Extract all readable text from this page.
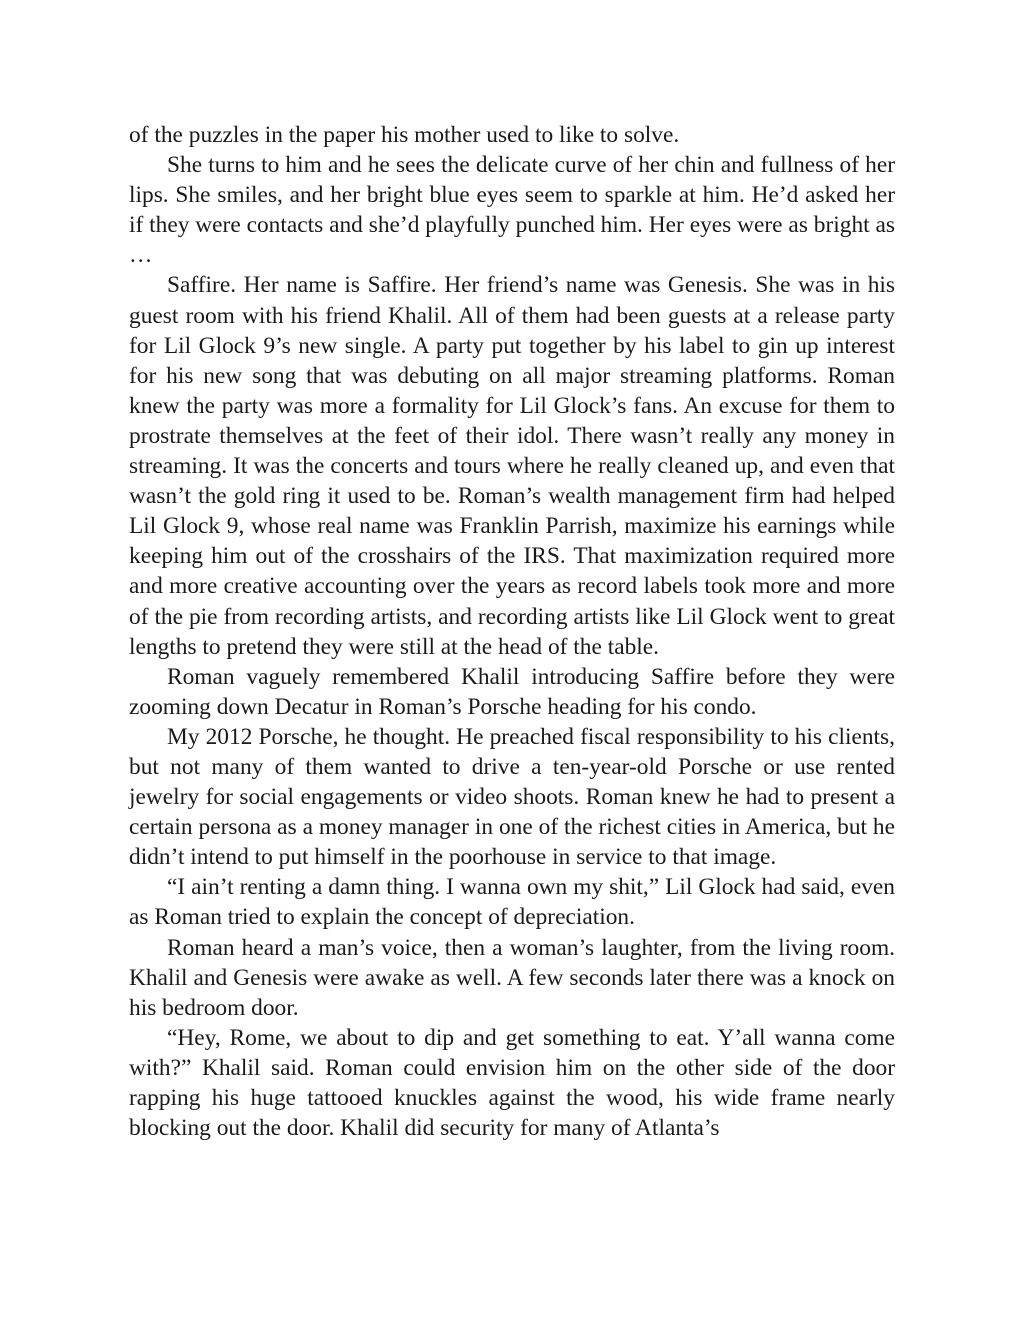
of the puzzles in the paper his mother used to like to solve.

She turns to him and he sees the delicate curve of her chin and fullness of her lips. She smiles, and her bright blue eyes seem to sparkle at him. He’d asked her if they were contacts and she’d playfully punched him. Her eyes were as bright as …

Saffire. Her name is Saffire. Her friend’s name was Genesis. She was in his guest room with his friend Khalil. All of them had been guests at a release party for Lil Glock 9’s new single. A party put together by his label to gin up interest for his new song that was debuting on all major streaming platforms. Roman knew the party was more a formality for Lil Glock’s fans. An excuse for them to prostrate themselves at the feet of their idol. There wasn’t really any money in streaming. It was the concerts and tours where he really cleaned up, and even that wasn’t the gold ring it used to be. Roman’s wealth management firm had helped Lil Glock 9, whose real name was Franklin Parrish, maximize his earnings while keeping him out of the crosshairs of the IRS. That maximization required more and more creative accounting over the years as record labels took more and more of the pie from recording artists, and recording artists like Lil Glock went to great lengths to pretend they were still at the head of the table.

Roman vaguely remembered Khalil introducing Saffire before they were zooming down Decatur in Roman’s Porsche heading for his condo.

My 2012 Porsche, he thought. He preached fiscal responsibility to his clients, but not many of them wanted to drive a ten-year-old Porsche or use rented jewelry for social engagements or video shoots. Roman knew he had to present a certain persona as a money manager in one of the richest cities in America, but he didn’t intend to put himself in the poorhouse in service to that image.

“I ain’t renting a damn thing. I wanna own my shit,” Lil Glock had said, even as Roman tried to explain the concept of depreciation.

Roman heard a man’s voice, then a woman’s laughter, from the living room. Khalil and Genesis were awake as well. A few seconds later there was a knock on his bedroom door.

“Hey, Rome, we about to dip and get something to eat. Y’all wanna come with?” Khalil said. Roman could envision him on the other side of the door rapping his huge tattooed knuckles against the wood, his wide frame nearly blocking out the door. Khalil did security for many of Atlanta’s
